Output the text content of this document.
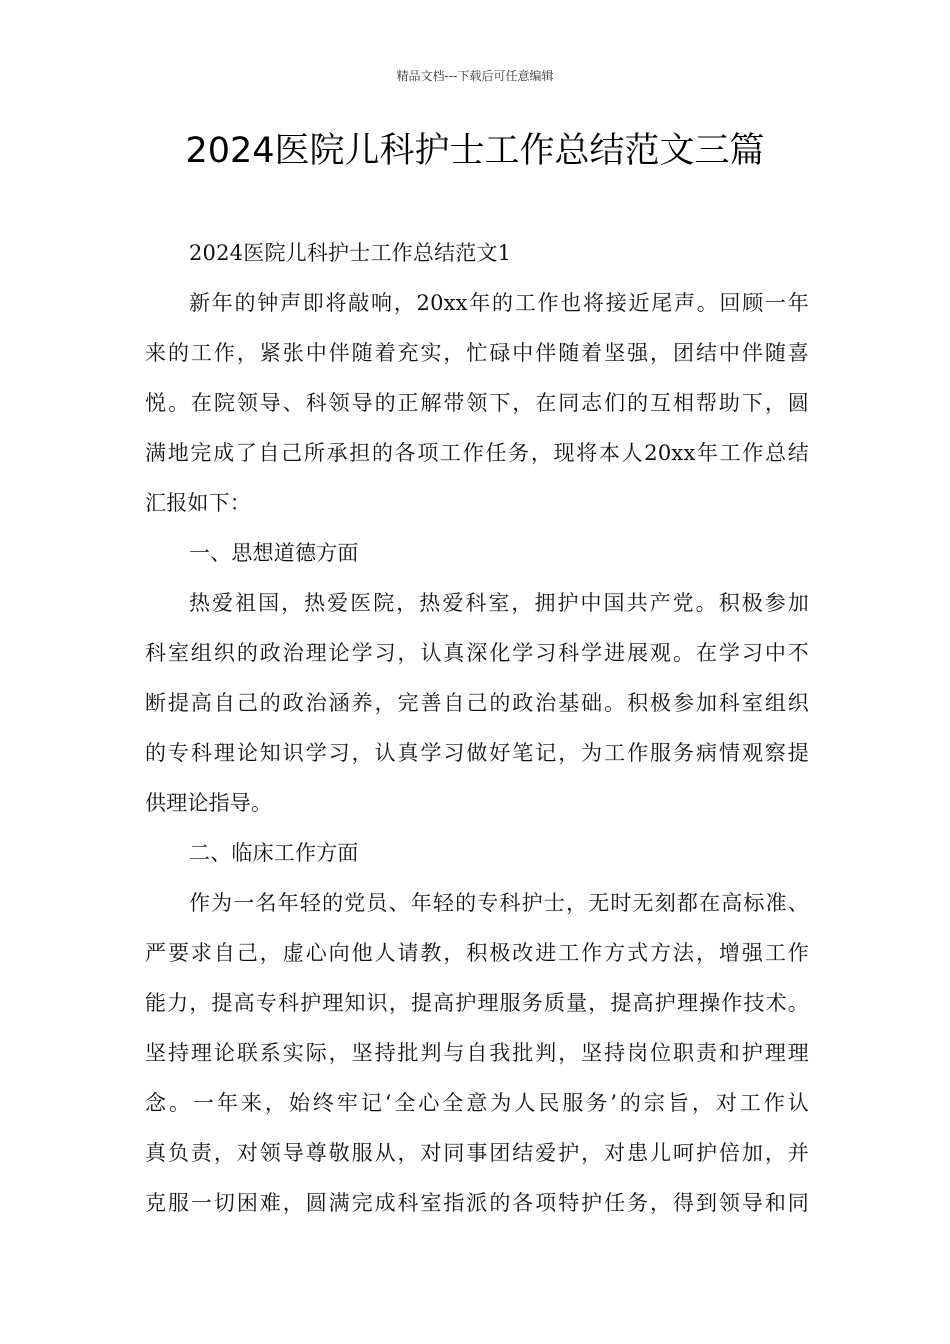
精品文档---下载后可任意编辑
2024医院儿科护士工作总结范文三篇
2024医院儿科护士工作总结范文1
新年的钟声即将敲响，20xx年的工作也将接近尾声。回顾一年
来的工作，紧张中伴随着充实，忙碌中伴随着坚强，团结中伴随喜
悦。在院领导、科领导的正解带领下，在同志们的互相帮助下，圆
满地完成了自己所承担的各项工作任务，现将本人20xx年工作总结
汇报如下：
一、思想道德方面
热爱祖国，热爱医院，热爱科室，拥护中国共产党。积极参加
科室组织的政治理论学习，认真深化学习科学进展观。在学习中不
断提高自己的政治涵养，完善自己的政治基础。积极参加科室组织
的专科理论知识学习，认真学习做好笔记，为工作服务病情观察提
供理论指导。
二、临床工作方面
作为一名年轻的党员、年轻的专科护士，无时无刻都在高标准、
严要求自己，虚心向他人请教，积极改进工作方式方法，增强工作
能力，提高专科护理知识，提高护理服务质量，提高护理操作技术。
坚持理论联系实际，坚持批判与自我批判，坚持岗位职责和护理理
念。一年来，始终牢记‘全心全意为人民服务’的宗旨，对工作认
真负责，对领导尊敬服从，对同事团结爱护，对患儿呵护倍加，并
克服一切困难，圆满完成科室指派的各项特护任务，得到领导和同
